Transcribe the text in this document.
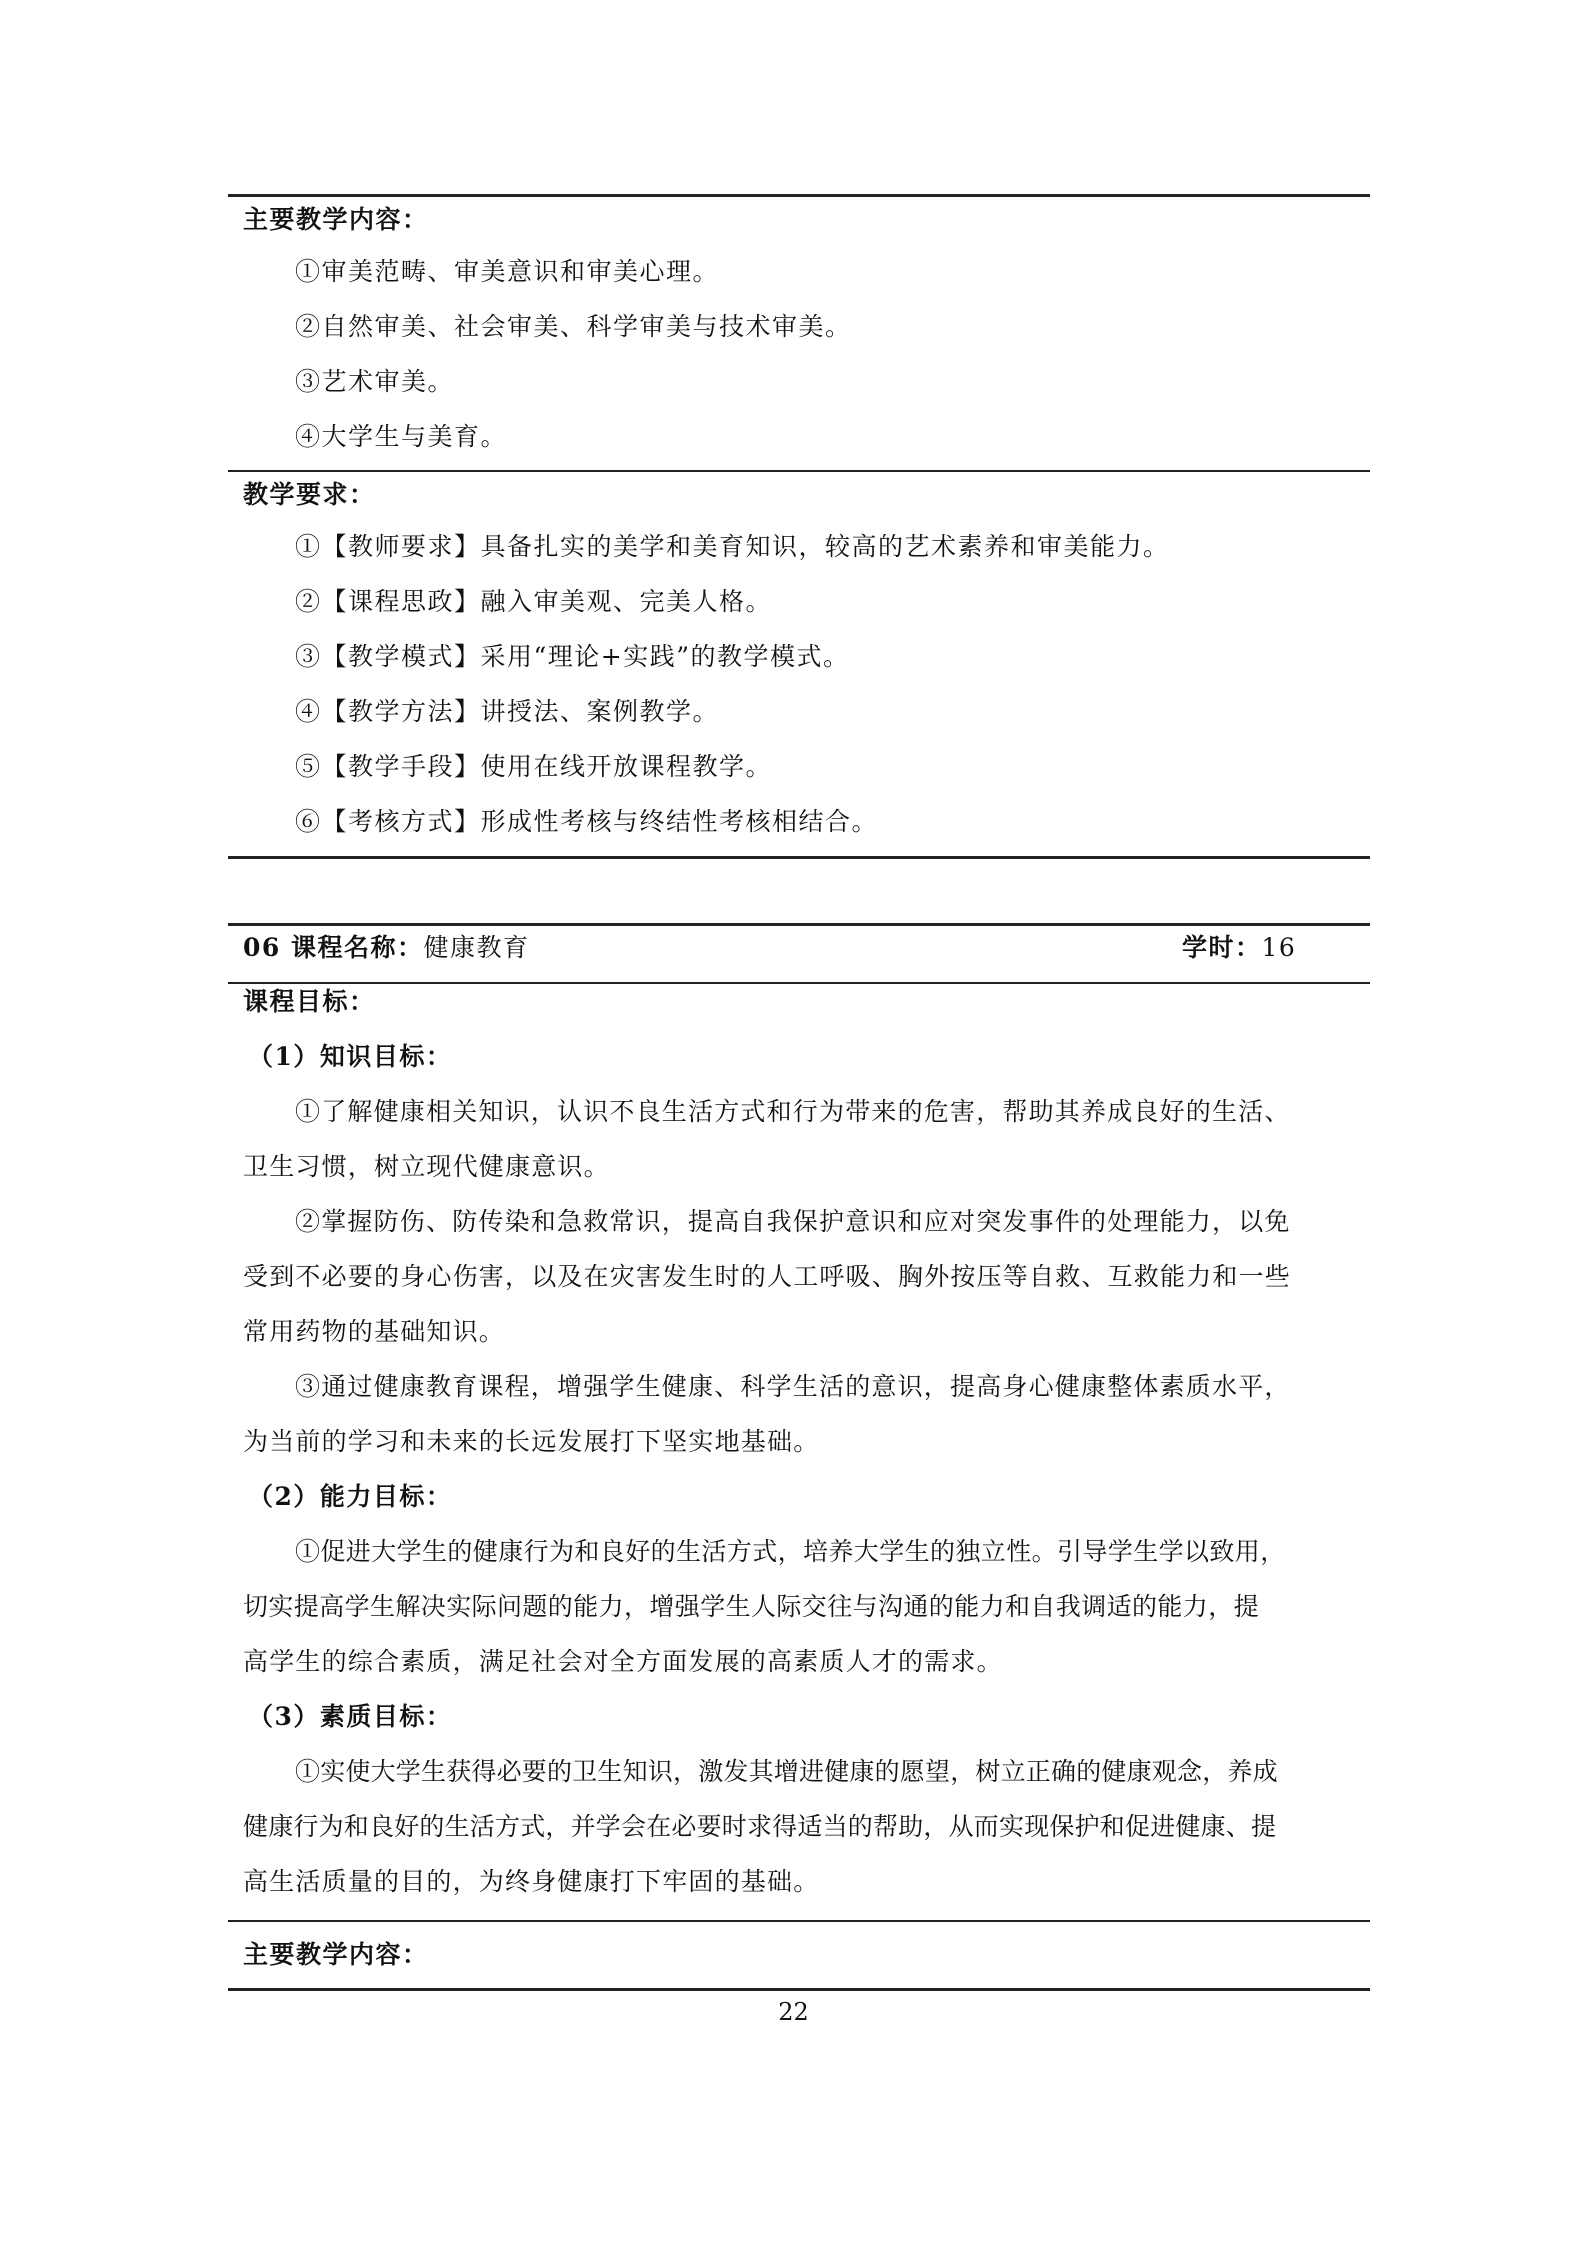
主要教学内容：
①审美范畴、审美意识和审美心理。
②自然审美、社会审美、科学审美与技术审美。
③艺术审美。
④大学生与美育。
教学要求：
①【教师要求】具备扎实的美学和美育知识，较高的艺术素养和审美能力。
②【课程思政】融入审美观、完美人格。
③【教学模式】采用“理论+实践”的教学模式。
④【教学方法】讲授法、案例教学。
⑤【教学手段】使用在线开放课程教学。
⑥【考核方式】形成性考核与终结性考核相结合。
06 课程名称：健康教育	学时：16
课程目标：
（1）知识目标：
①了解健康相关知识，认识不良生活方式和行为带来的危害，帮助其养成良好的生活、
卫生习惯，树立现代健康意识。
②掌握防伤、防传染和急救常识，提高自我保护意识和应对突发事件的处理能力，以免
受到不必要的身心伤害，以及在灾害发生时的人工呼吸、胸外按压等自救、互救能力和一些
常用药物的基础知识。
③通过健康教育课程，增强学生健康、科学生活的意识，提高身心健康整体素质水平，
为当前的学习和未来的长远发展打下坚实地基础。
（2）能力目标：
①促进大学生的健康行为和良好的生活方式，培养大学生的独立性。引导学生学以致用，
切实提高学生解决实际问题的能力，增强学生人际交往与沟通的能力和自我调适的能力，提
高学生的综合素质，满足社会对全方面发展的高素质人才的需求。
（3）素质目标：
①实使大学生获得必要的卫生知识，激发其增进健康的愿望，树立正确的健康观念，养成
健康行为和良好的生活方式，并学会在必要时求得适当的帮助，从而实现保护和促进健康、提
高生活质量的目的，为终身健康打下牢固的基础。
主要教学内容：
22
